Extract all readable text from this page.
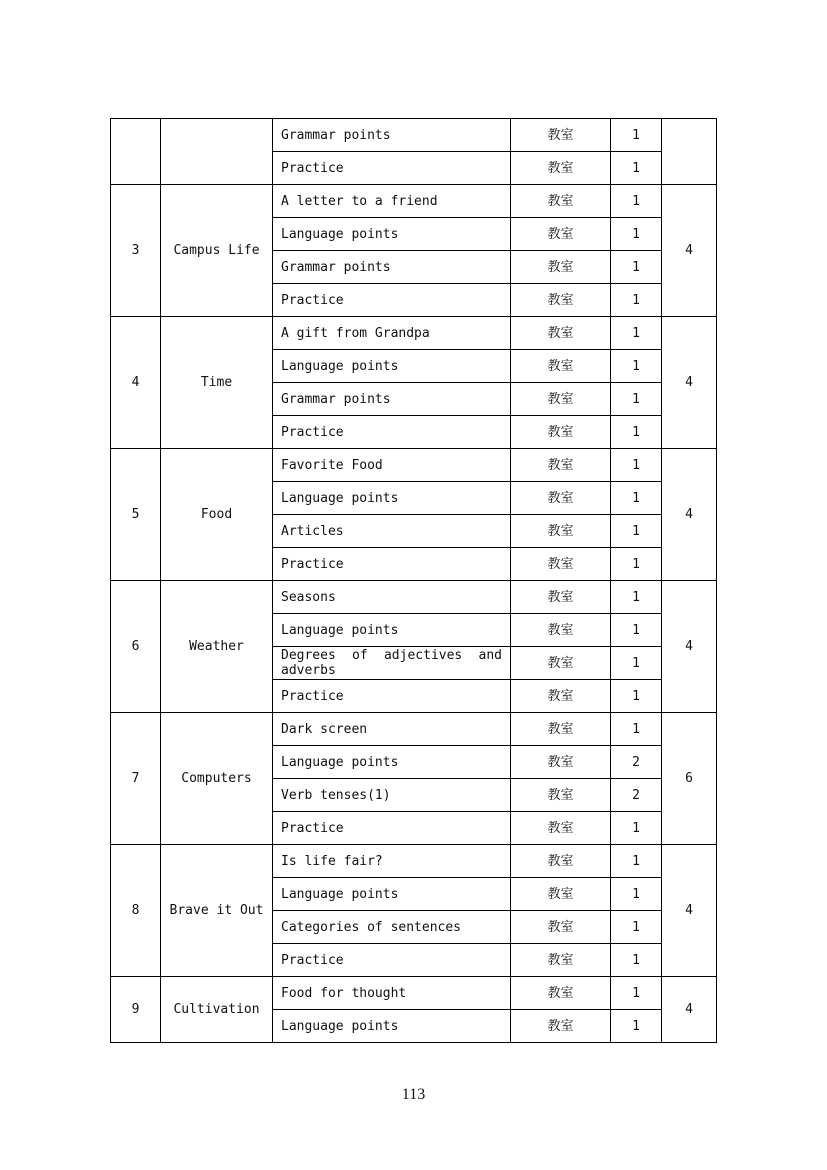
		Grammar points	教室	1	
		Practice	教室	1	
3	Campus Life	A letter to a friend	教室	1	4
		Language points	教室	1	
		Grammar points	教室	1	
		Practice	教室	1	
4	Time	A gift from Grandpa	教室	1	4
		Language points	教室	1	
		Grammar points	教室	1	
		Practice	教室	1	
5	Food	Favorite Food	教室	1	4
		Language points	教室	1	
		Articles	教室	1	
		Practice	教室	1	
6	Weather	Seasons	教室	1	4
		Language points	教室	1	
		Degrees of adjectives and adverbs	教室	1	
		Practice	教室	1	
7	Computers	Dark screen	教室	1	6
		Language points	教室	2	
		Verb tenses(1)	教室	2	
		Practice	教室	1	
8	Brave it Out	Is life fair?	教室	1	4
		Language points	教室	1	
		Categories of sentences	教室	1	
		Practice	教室	1	
9	Cultivation	Food for thought	教室	1	4
		Language points	教室	1	
113
